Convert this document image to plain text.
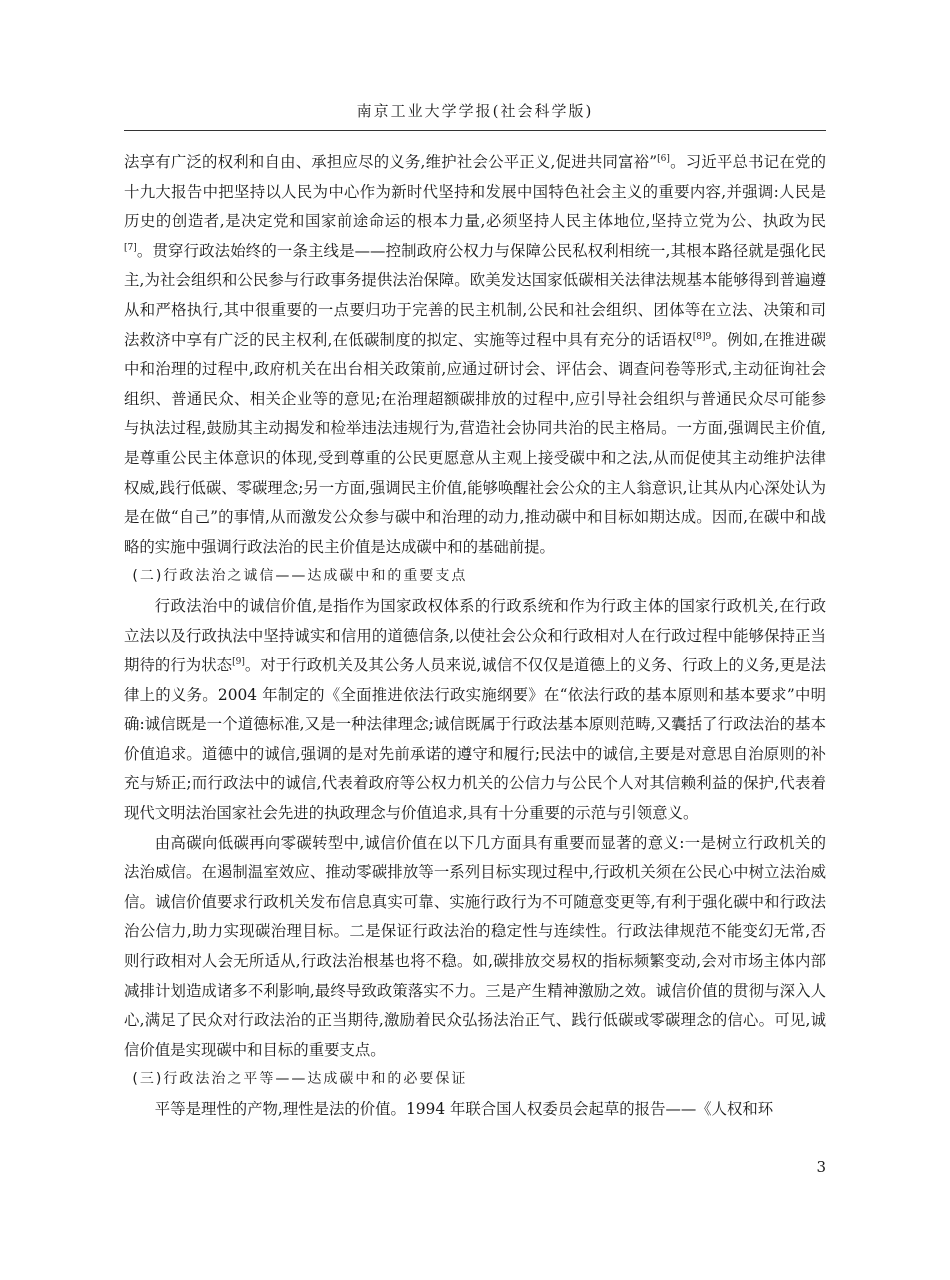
南京工业大学学报(社会科学版)

法享有广泛的权利和自由、承担应尽的义务,维护社会公平正义,促进共同富裕”[6]。习近平总书记在党的十九大报告中把坚持以人民为中心作为新时代坚持和发展中国特色社会主义的重要内容,并强调:人民是历史的创造者,是决定党和国家前途命运的根本力量,必须坚持人民主体地位,坚持立党为公、执政为民[7]。贯穿行政法始终的一条主线是——控制政府公权力与保障公民私权利相统一,其根本路径就是强化民主,为社会组织和公民参与行政事务提供法治保障。欧美发达国家低碳相关法律法规基本能够得到普遍遵从和严格执行,其中很重要的一点要归功于完善的民主机制,公民和社会组织、团体等在立法、决策和司法救济中享有广泛的民主权利,在低碳制度的拟定、实施等过程中具有充分的话语权$^{[8]9}$。例如,在推进碳中和治理的过程中,政府机关在出台相关政策前,应通过研讨会、评估会、调查问卷等形式,主动征询社会组织、普通民众、相关企业等的意见;在治理超额碳排放的过程中,应引导社会组织与普通民众尽可能参与执法过程,鼓励其主动揭发和检举违法违规行为,营造社会协同共治的民主格局。一方面,强调民主价值,是尊重公民主体意识的体现,受到尊重的公民更愿意从主观上接受碳中和之法,从而促使其主动维护法律权威,践行低碳、零碳理念;另一方面,强调民主价值,能够唤醒社会公众的主人翁意识,让其从内心深处认为是在做“自己”的事情,从而激发公众参与碳中和治理的动力,推动碳中和目标如期达成。因而,在碳中和战略的实施中强调行政法治的民主价值是达成碳中和的基础前提。

(二)行政法治之诚信——达成碳中和的重要支点

行政法治中的诚信价值,是指作为国家政权体系的行政系统和作为行政主体的国家行政机关,在行政立法以及行政执法中坚持诚实和信用的道德信条,以使社会公众和行政相对人在行政过程中能够保持正当期待的行为状态[9]。对于行政机关及其公务人员来说,诚信不仅仅是道德上的义务、行政上的义务,更是法律上的义务。2004 年制定的《全面推进依法行政实施纲要》在“依法行政的基本原则和基本要求”中明确:诚信既是一个道德标准,又是一种法律理念;诚信既属于行政法基本原则范畴,又囊括了行政法治的基本价值追求。道德中的诚信,强调的是对先前承诺的遵守和履行;民法中的诚信,主要是对意思自治原则的补充与矫正;而行政法中的诚信,代表着政府等公权力机关的公信力与公民个人对其信赖利益的保护,代表着现代文明法治国家社会先进的执政理念与价值追求,具有十分重要的示范与引领意义。

由高碳向低碳再向零碳转型中,诚信价值在以下几方面具有重要而显著的意义:一是树立行政机关的法治威信。在遏制温室效应、推动零碳排放等一系列目标实现过程中,行政机关须在公民心中树立法治威信。诚信价值要求行政机关发布信息真实可靠、实施行政行为不可随意变更等,有利于强化碳中和行政法治公信力,助力实现碳治理目标。二是保证行政法治的稳定性与连续性。行政法律规范不能变幻无常,否则行政相对人会无所适从,行政法治根基也将不稳。如,碳排放交易权的指标频繁变动,会对市场主体内部减排计划造成诸多不利影响,最终导致政策落实不力。三是产生精神激励之效。诚信价值的贯彻与深入人心,满足了民众对行政法治的正当期待,激励着民众弘扬法治正气、践行低碳或零碳理念的信心。可见,诚信价值是实现碳中和目标的重要支点。

(三)行政法治之平等——达成碳中和的必要保证

平等是理性的产物,理性是法的价值。1994 年联合国人权委员会起草的报告——《人权和环

3
